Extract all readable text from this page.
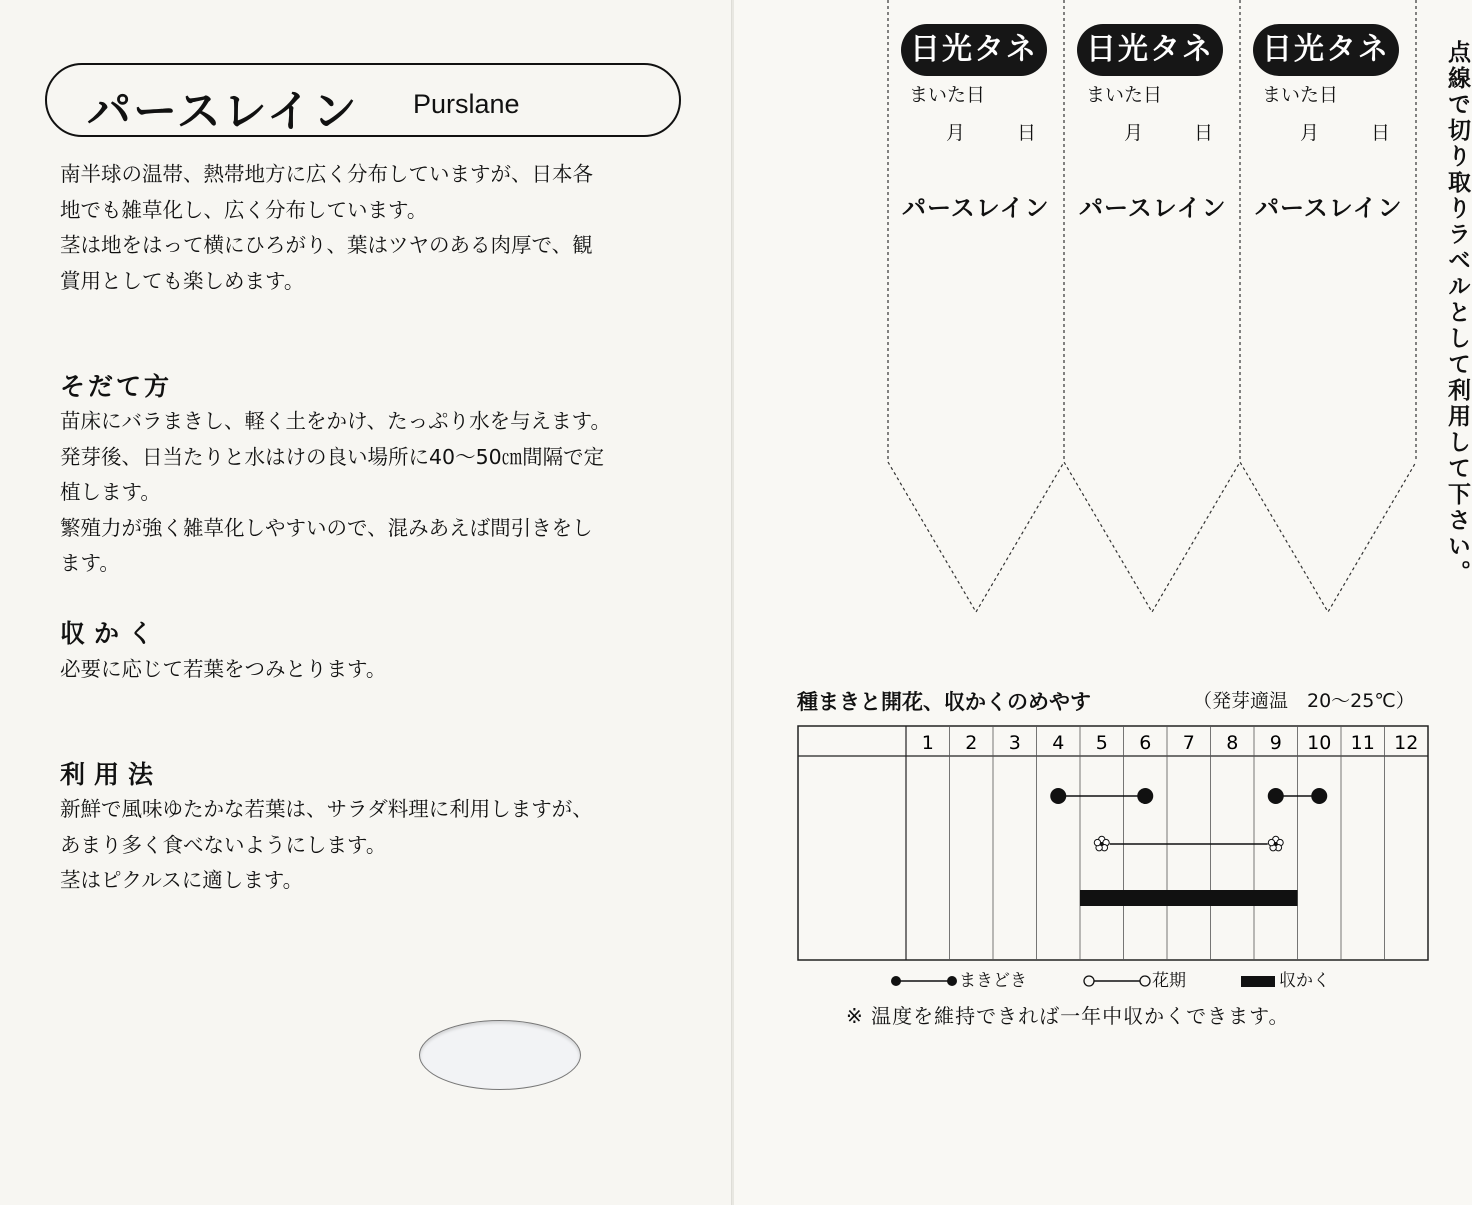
パースレイン Purslane

南半球の温帯、熱帯地方に広く分布していますが、日本各

地でも雑草化し、広く分布しています。

茎は地をはって横にひろがり、葉はツヤのある肉厚で、観

賞用としても楽しめます。

そだて方

苗床にバラまきし、軽く土をかけ、たっぷり水を与えます。

発芽後、日当たりと水はけの良い場所に40〜50㎝間隔で定

植します。

繁殖力が強く雑草化しやすいので、混みあえば間引きをし

ます。

収かく

必要に応じて若葉をつみとります。

利用法

新鮮で風味ゆたかな若葉は、サラダ料理に利用しますが、

あまり多く食べないようにします。

茎はピクルスに適します。

日光タネ
まいた日
月	日
パースレイン
日光タネ
まいた日
月	日
パースレイン
日光タネ
まいた日
月	日
パースレイン 点線で切り取りラベルとして利用して下さい。
種まきと開花、収かくのめやす	（発芽適温　20〜25℃）
1 2 3 4 5 6 7 8 9 10 11 12
まきどき	花期	収かく
※ 温度を維持できれば一年中収かくできます。
